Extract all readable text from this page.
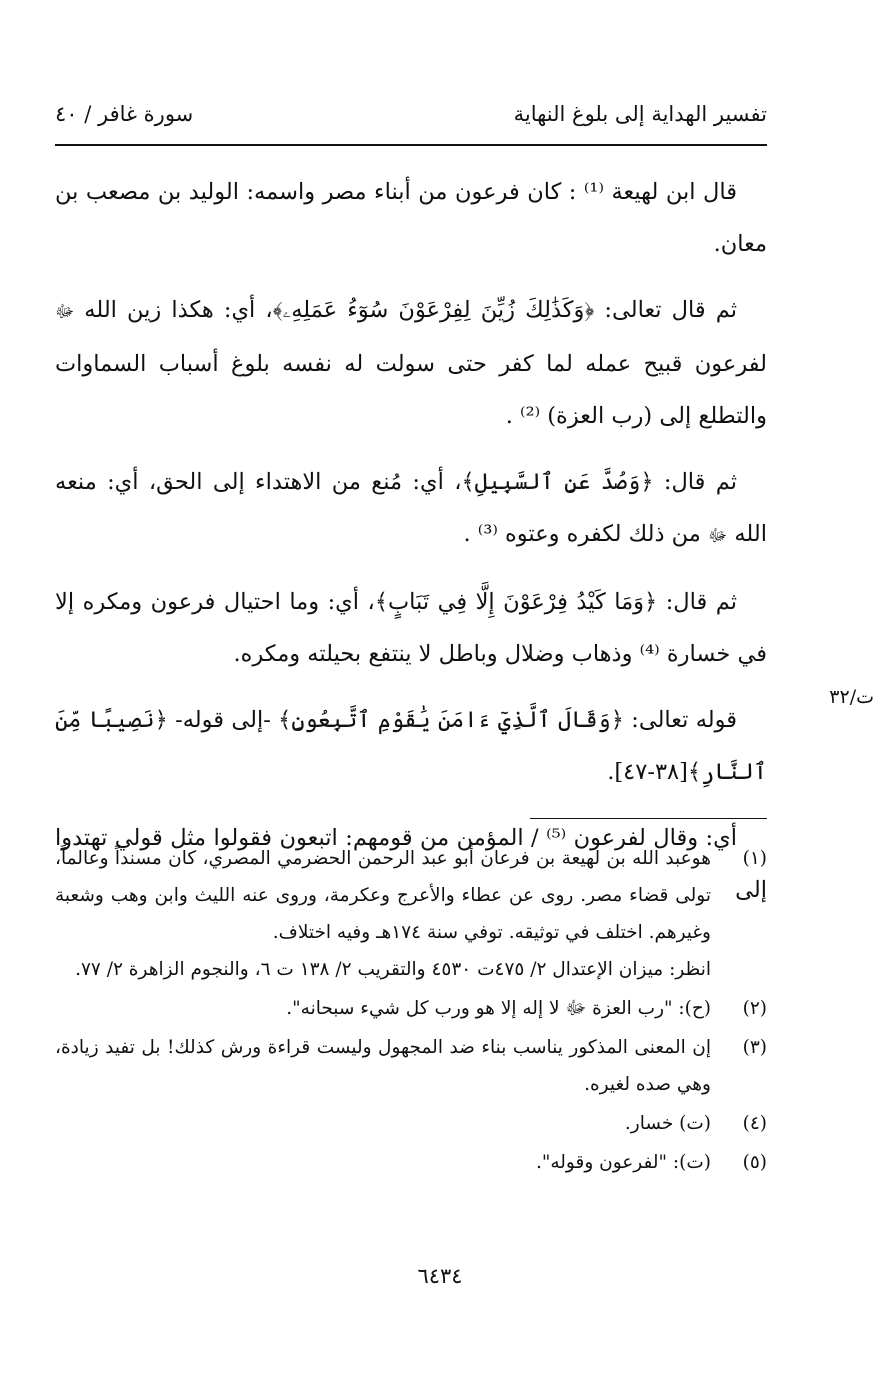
تفسير الهداية إلى بلوغ النهاية
سورة غافر / ٤٠

قال ابن لهيعة ⁽¹⁾ : كان فرعون من أبناء مصر واسمه: الوليد بن مصعب بن معان.

ثم قال تعالى: ﴿وَكَذَٰلِكَ زُيِّنَ لِفِرْعَوْنَ سُوٓءُ عَمَلِهِۦ﴾، أي: هكذا زين الله ﷻ لفرعون قبيح عمله لما كفر حتى سولت له نفسه بلوغ أسباب السماوات والتطلع إلى (رب العزة) ⁽²⁾ .

ثم قال: ﴿وَصُدَّ عَنِ ٱلسَّبِيلِ﴾، أي: مُنع من الاهتداء إلى الحق، أي: منعه الله ﷻ من ذلك لكفره وعتوه ⁽³⁾ .

ثم قال: ﴿وَمَا كَيْدُ فِرْعَوْنَ إِلَّا فِي تَبَابٍ﴾، أي: وما احتيال فرعون ومكره إلا في خسارة ⁽⁴⁾ وذهاب وضلال وباطل لا ينتفع بحيلته ومكره.

قوله تعالى: ﴿وَقَالَ ٱلَّذِيٓ ءَامَنَ يَٰقَوْمِ ٱتَّبِعُونِ﴾ -إلى قوله- ﴿نَصِيبًا مِّنَ ٱلنَّارِ﴾[٣٨-٤٧].

أي: وقال لفرعون ⁽⁵⁾ / المؤمن من قومهم: اتبعون فقولوا مثل قولي تهتدوا إلى

ت/٣٢
(١)
هوعبد الله بن لهيعة بن فرعان أبو عبد الرحمن الحضرمي المصري، كان مسنداً وعالماً، تولى قضاء مصر. روى عن عطاء والأعرج وعكرمة، وروى عنه الليث وابن وهب وشعبة وغيرهم. اختلف في توثيقه. توفي سنة ١٧٤هـ وفيه اختلاف.
انظر: ميزان الإعتدال ٢/ ٤٧٥ت ٤٥٣٠ والتقريب ٢/ ١٣٨ ت ٦، والنجوم الزاهرة ٢/ ٧٧.
(٢)
(ح): "رب العزة ﷻ لا إله إلا هو ورب كل شيء سبحانه".
(٣)
إن المعنى المذكور يناسب بناء ضد المجهول وليست قراءة ورش كذلك! بل تفيد زيادة، وهي صده لغيره.
(٤)
(ت) خسار.
(٥)
(ت): "لفرعون وقوله".
٦٤٣٤
